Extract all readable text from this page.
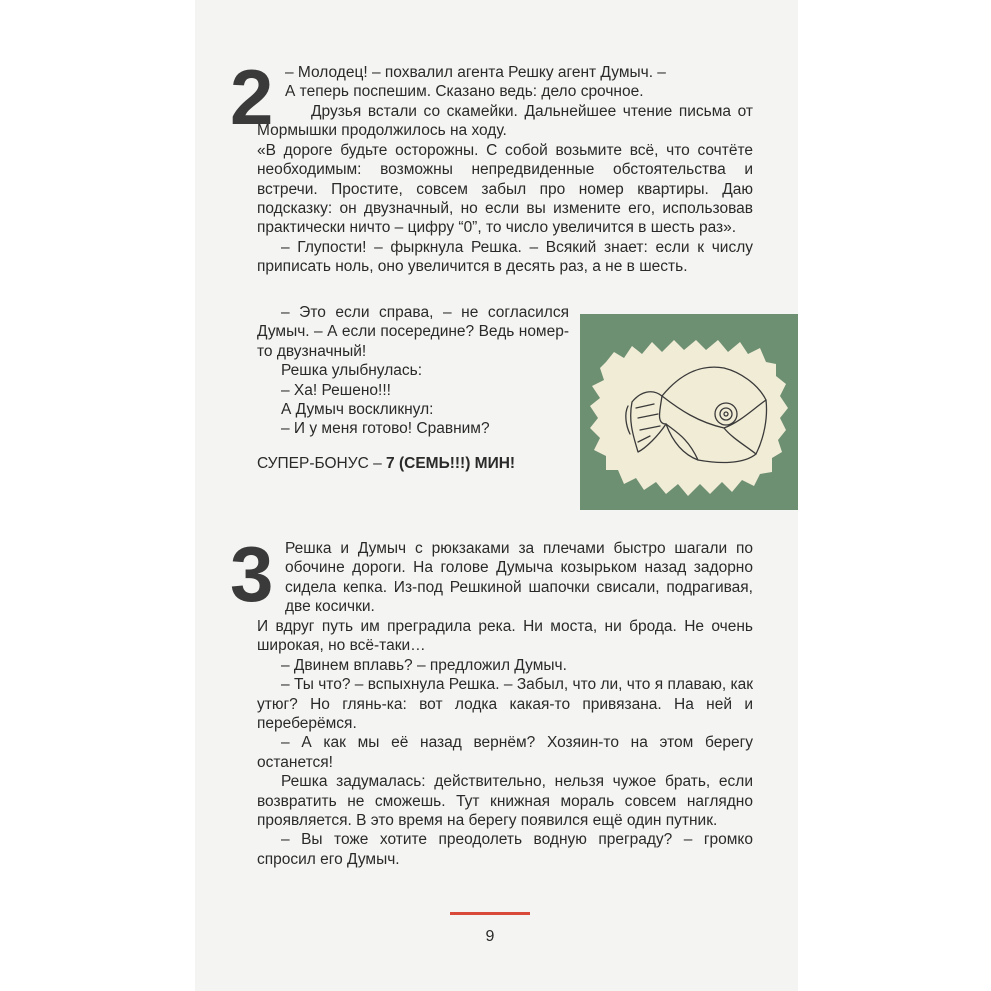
2 – Молодец! – похвалил агента Решку агент Думыч. –

А теперь поспешим. Сказано ведь: дело срочное.

Друзья встали со скамейки. Дальнейшее чтение письма от Мормышки продолжилось на ходу.

«В дороге будьте осторожны. С собой возьмите всё, что сочтёте необходимым: возможны непредвиденные обстоятельства и встречи. Простите, совсем забыл про номер квартиры. Даю подсказку: он двузначный, но если вы измените его, использовав практически ничто – цифру “0”, то число увеличится в шесть раз».

– Глупости! – фыркнула Решка. – Всякий знает: если к числу приписать ноль, оно увеличится в десять раз, а не в шесть.

– Это если справа, – не согласился Думыч. – А если посередине? Ведь номер-то двузначный!

Решка улыбнулась:

– Ха! Решено!!!

А Думыч воскликнул:

– И у меня готово! Сравним?

СУПЕР-БОНУС – 7 (СЕМЬ!!!) МИН!
3 Решка и Думыч с рюкзаками за плечами быстро шагали по обочине дороги. На голове Думыча козырьком назад задорно сидела кепка. Из-под Решкиной шапочки свисали, подрагивая, две косички.

И вдруг путь им преградила река. Ни моста, ни брода. Не очень широкая, но всё-таки…

– Двинем вплавь? – предложил Думыч.

– Ты что? – вспыхнула Решка. – Забыл, что ли, что я плаваю, как утюг? Но глянь-ка: вот лодка какая-то привязана. На ней и переберёмся.

– А как мы её назад вернём? Хозяин-то на этом берегу останется!

Решка задумалась: действительно, нельзя чужое брать, если возвратить не сможешь. Тут книжная мораль совсем наглядно проявляется. В это время на берегу появился ещё один путник.

– Вы тоже хотите преодолеть водную преграду? – громко спросил его Думыч.

9
